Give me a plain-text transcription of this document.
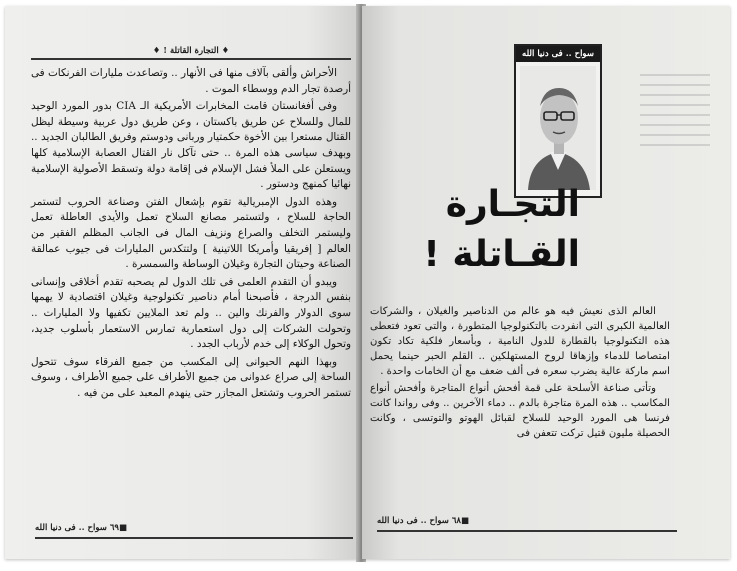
♦ التجارة القاتلة ! ♦

الأحراش وألقى بآلاف منها فى الأنهار .. وتصاعدت مليارات الفرنكات فى أرصدة تجار الدم ووسطاء الموت .

وفى أفغانستان قامت المخابرات الأمريكية الـ CIA بدور المورد الوحيد للمال وللسلاح عن طريق باكستان ، وعن طريق دول عربية وسيطة ليظل القتال مستعرا بين الأخوة حكمتيار وربانى ودوستم وفريق الطالبان الجديد .. وبهدف سياسى هذه المرة .. حتى تآكل نار القتال العصابة الإسلامية كلها ويستعلن على الملأ فشل الإسلام فى إقامة دولة وتسقط الأصولية الإسلامية نهائيا كمنهج ودستور .

وهذه الدول الإمبريالية تقوم بإشعال الفتن وصناعة الحروب لتستمر الحاجة للسلاح ، ولتستمر مصانع السلاح تعمل والأيدى العاطلة تعمل وليستمر التخلف والصراع ونزيف المال فى الجانب المظلم الفقير من العالم [ إفريقيا وأمريكا اللاتينية ] ولتتكدس المليارات فى جيوب عمالقة الصناعة وحيتان التجارة وغيلان الوساطة والسمسرة .

ويبدو أن التقدم العلمى فى تلك الدول لم يصحبه تقدم أخلاقى وإنسانى بنفس الدرجة ، فأصبحنا أمام دناصير تكنولوجية وغيلان اقتصادية لا يهمها سوى الدولار والفرنك والين .. ولم تعد الملايين تكفيها ولا المليارات .. وتحولت الشركات إلى دول استعمارية تمارس الاستعمار بأسلوب جديد، وتحول الوكلاء إلى خدم لأرباب الجدد .

وبهذا النهم الحيوانى إلى المكسب من جميع الفرقاء سوف تتحول الساحة إلى صراع عدوانى من جميع الأطراف على جميع الأطراف ، وسوف تستمر الحروب وتشتعل المجازر حتى ينهدم المعبد على من فيه .

■٦٩ سواح .. فى دنيا الله
سواح .. فى دنيا الله
التجـارة
القـاتلة !

العالم الذى نعيش فيه هو عالم من الدناصير والغيلان ، والشركات العالمية الكبرى التى انفردت بالتكنولوجيا المتطورة ، والتى تعود فتعطى هذه التكنولوجيا بالقطارة للدول النامية ، وبأسعار فلكية تكاد تكون امتصاصا للدماء وإزهاقا لروح المستهلكين .. القلم الحبر حينما يحمل اسم ماركة عالية يضرب سعره فى ألف ضعف مع أن الخامات واحدة .

وتأتى صناعة الأسلحة على قمة أفحش أنواع المتاجرة وأفحش أنواع المكاسب .. هذه المرة متاجرة بالدم .. دماء الآخرين .. وفى رواندا كانت فرنسا هى المورد الوحيد للسلاح لقبائل الهوتو والتوتسى ، وكانت الحصيلة مليون قتيل تركت تتعفن فى

■٦٨ سواح .. فى دنيا الله
